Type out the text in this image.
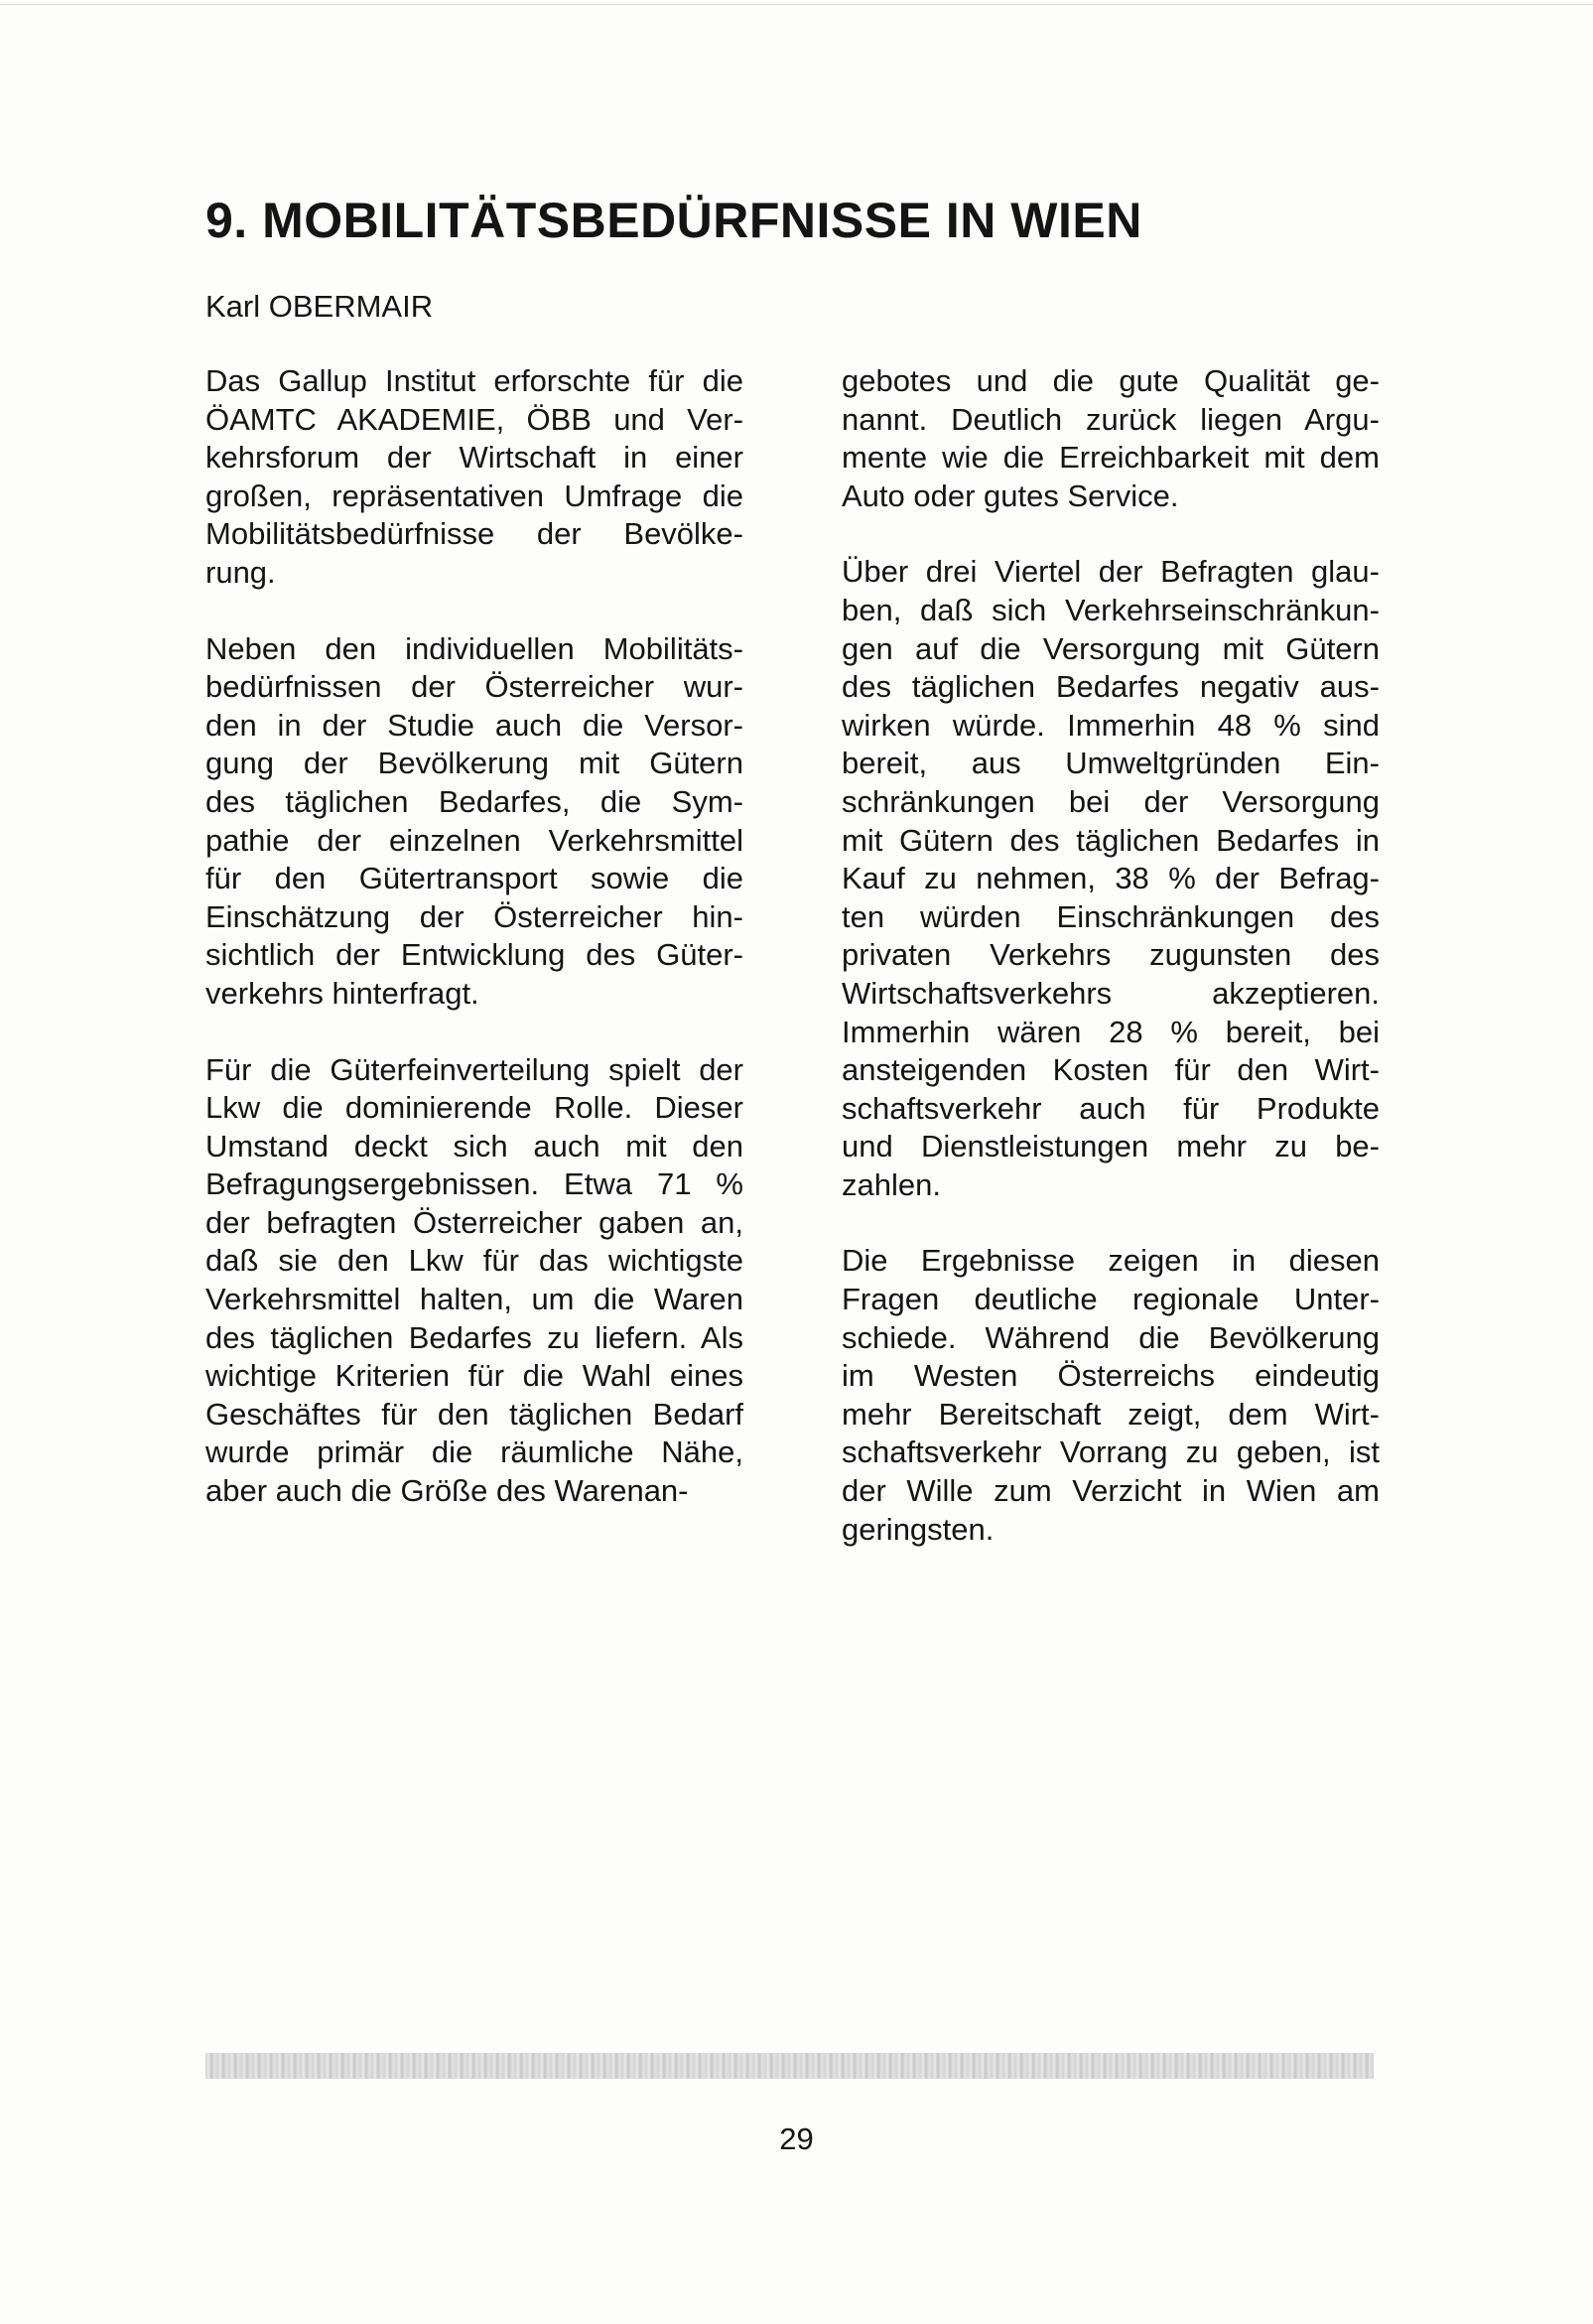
9. MOBILITÄTSBEDÜRFNISSE IN WIEN

Karl OBERMAIR

Das Gallup Institut erforschte für die
ÖAMTC AKADEMIE, ÖBB und Ver-
kehrsforum der Wirtschaft in einer
großen, repräsentativen Umfrage die
Mobilitätsbedürfnisse der Bevölke-
rung.

Neben den individuellen Mobilitäts-
bedürfnissen der Österreicher wur-
den in der Studie auch die Versor-
gung der Bevölkerung mit Gütern
des täglichen Bedarfes, die Sym-
pathie der einzelnen Verkehrsmittel
für den Gütertransport sowie die
Einschätzung der Österreicher hin-
sichtlich der Entwicklung des Güter-
verkehrs hinterfragt.

Für die Güterfeinverteilung spielt der
Lkw die dominierende Rolle. Dieser
Umstand deckt sich auch mit den
Befragungsergebnissen. Etwa 71 %
der befragten Österreicher gaben an,
daß sie den Lkw für das wichtigste
Verkehrsmittel halten, um die Waren
des täglichen Bedarfes zu liefern. Als
wichtige Kriterien für die Wahl eines
Geschäftes für den täglichen Bedarf
wurde primär die räumliche Nähe,
aber auch die Größe des Warenan-

gebotes und die gute Qualität ge-
nannt. Deutlich zurück liegen Argu-
mente wie die Erreichbarkeit mit dem
Auto oder gutes Service.

Über drei Viertel der Befragten glau-
ben, daß sich Verkehrseinschränkun-
gen auf die Versorgung mit Gütern
des täglichen Bedarfes negativ aus-
wirken würde. Immerhin 48 % sind
bereit, aus Umweltgründen Ein-
schränkungen bei der Versorgung
mit Gütern des täglichen Bedarfes in
Kauf zu nehmen, 38 % der Befrag-
ten würden Einschränkungen des
privaten Verkehrs zugunsten des
Wirtschaftsverkehrs akzeptieren.
Immerhin wären 28 % bereit, bei
ansteigenden Kosten für den Wirt-
schaftsverkehr auch für Produkte
und Dienstleistungen mehr zu be-
zahlen.

Die Ergebnisse zeigen in diesen
Fragen deutliche regionale Unter-
schiede. Während die Bevölkerung
im Westen Österreichs eindeutig
mehr Bereitschaft zeigt, dem Wirt-
schaftsverkehr Vorrang zu geben, ist
der Wille zum Verzicht in Wien am
geringsten.

29
